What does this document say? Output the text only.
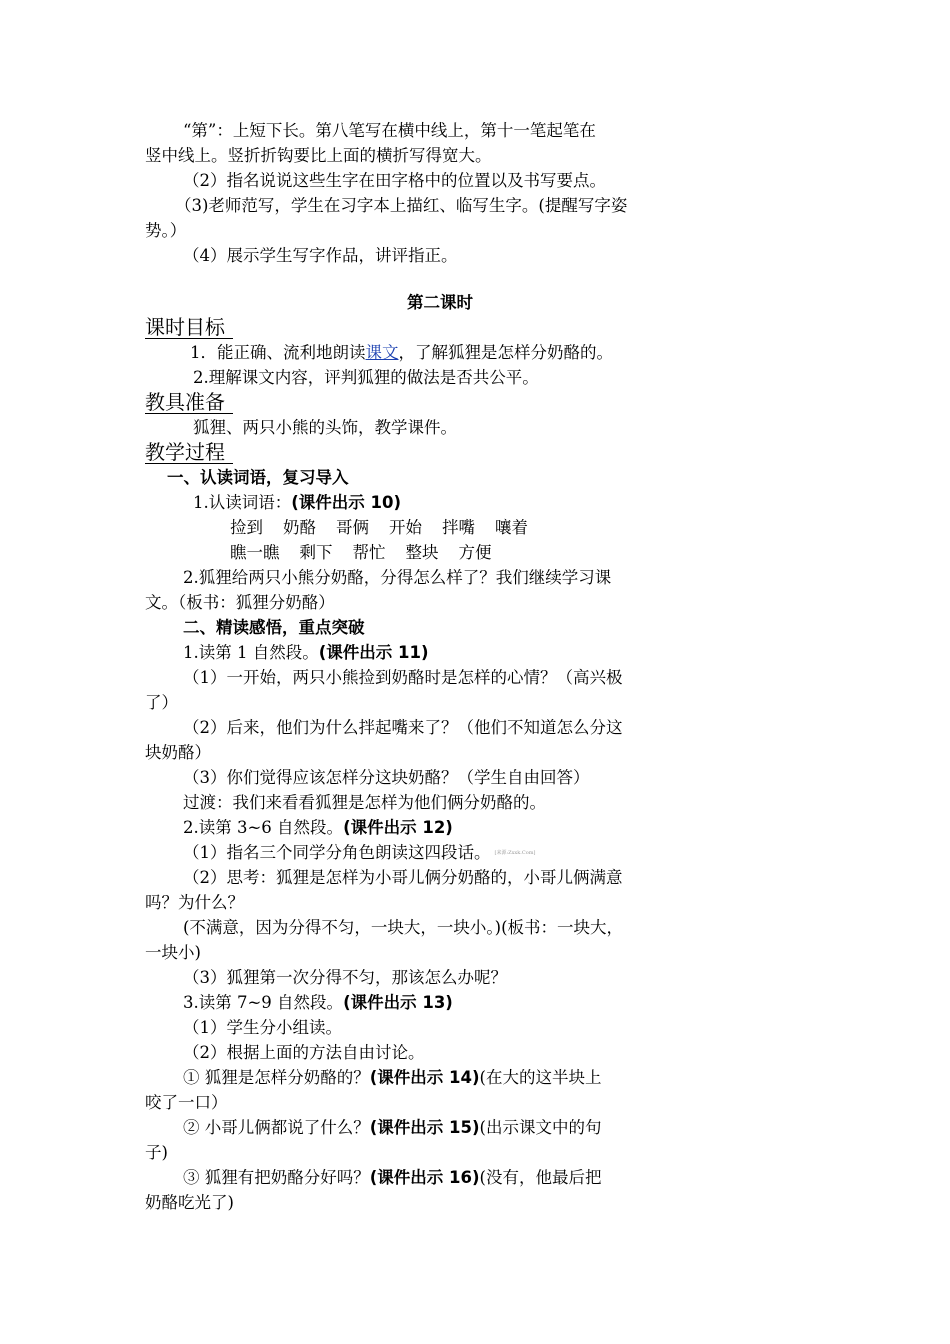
“第”：上短下长。第八笔写在横中线上，第十一笔起笔在
竖中线上。竖折折钩要比上面的横折写得宽大。
（2）指名说说这些生字在田字格中的位置以及书写要点。
（3)老师范写，学生在习字本上描红、临写生字。(提醒写字姿
势。）
（4）展示学生写字作品，讲评指正。
第二课时
课时目标
1．能正确、流利地朗读课文，了解狐狸是怎样分奶酪的。
2.理解课文内容，评判狐狸的做法是否共公平。
教具准备
狐狸、两只小熊的头饰，教学课件。
教学过程
一、认读词语，复习导入
1.认读词语：(课件出示 10)
捡到 奶酪 哥俩 开始 拌嘴 嚷着
瞧一瞧 剩下 帮忙 整块 方便
2.狐狸给两只小熊分奶酪，分得怎么样了？我们继续学习课
文。（板书：狐狸分奶酪）
二、精读感悟，重点突破
1.读第 1 自然段。(课件出示 11)
（1）一开始，两只小熊捡到奶酪时是怎样的心情？（高兴极
了）
（2）后来，他们为什么拌起嘴来了？（他们不知道怎么分这
块奶酪）
（3）你们觉得应该怎样分这块奶酪？（学生自由回答）
过渡：我们来看看狐狸是怎样为他们俩分奶酪的。
2.读第 3~6 自然段。(课件出示 12)
（1）指名三个同学分角色朗读这四段话。 [来源:Zxxk.Com]
（2）思考：狐狸是怎样为小哥儿俩分奶酪的，小哥儿俩满意
吗？为什么？
(不满意，因为分得不匀，一块大，一块小。)(板书：一块大，
一块小)
（3）狐狸第一次分得不匀，那该怎么办呢？
3.读第 7~9 自然段。(课件出示 13)
（1）学生分小组读。
（2）根据上面的方法自由讨论。
① 狐狸是怎样分奶酪的？(课件出示 14)(在大的这半块上
咬了一口）
② 小哥儿俩都说了什么？(课件出示 15)(出示课文中的句
子)
③ 狐狸有把奶酪分好吗？(课件出示 16)(没有，他最后把
奶酪吃光了)
